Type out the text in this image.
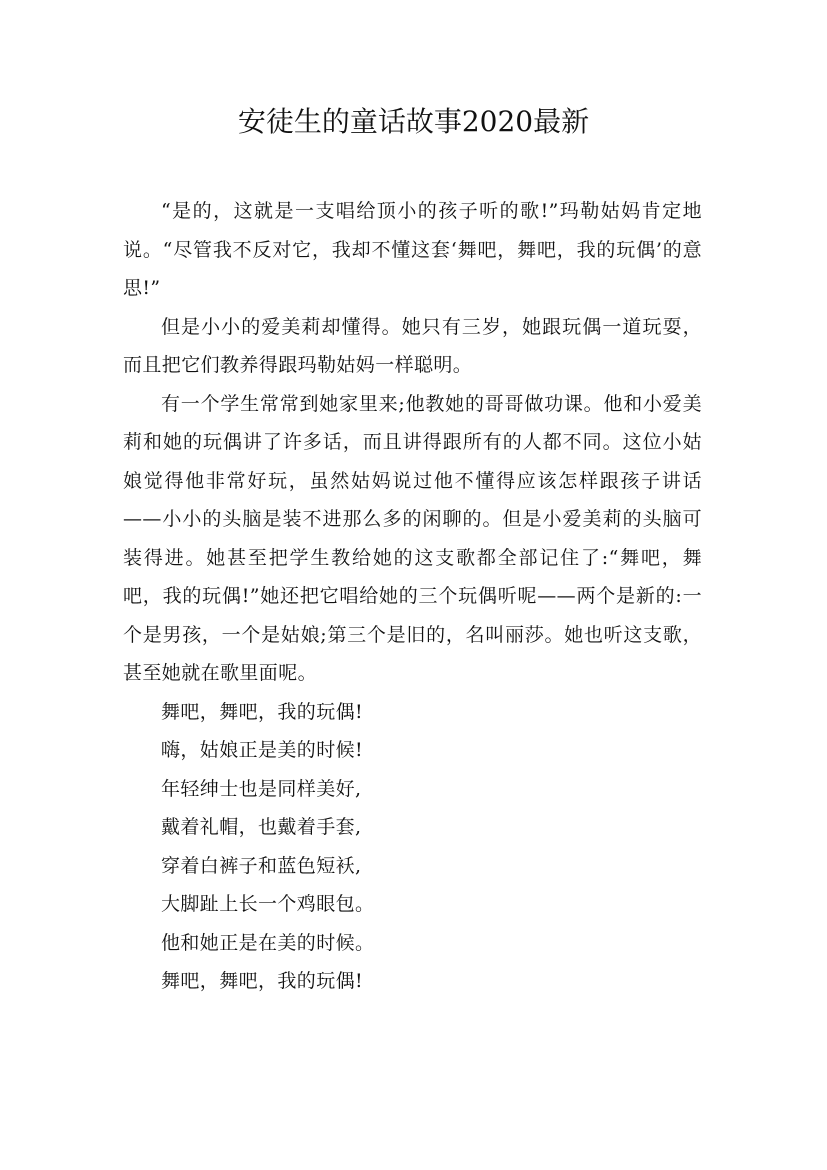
安徒生的童话故事2020最新

“是的，这就是一支唱给顶小的孩子听的歌!”玛勒姑妈肯定地说。“尽管我不反对它，我却不懂这套‘舞吧，舞吧，我的玩偶’的意思!”

但是小小的爱美莉却懂得。她只有三岁，她跟玩偶一道玩耍，而且把它们教养得跟玛勒姑妈一样聪明。

有一个学生常常到她家里来;他教她的哥哥做功课。他和小爱美莉和她的玩偶讲了许多话，而且讲得跟所有的人都不同。这位小姑娘觉得他非常好玩，虽然姑妈说过他不懂得应该怎样跟孩子讲话——小小的头脑是装不进那么多的闲聊的。但是小爱美莉的头脑可装得进。她甚至把学生教给她的这支歌都全部记住了:“舞吧，舞吧，我的玩偶!”她还把它唱给她的三个玩偶听呢——两个是新的:一个是男孩，一个是姑娘;第三个是旧的，名叫丽莎。她也听这支歌，甚至她就在歌里面呢。

舞吧，舞吧，我的玩偶!

嗨，姑娘正是美的时候!

年轻绅士也是同样美好,

戴着礼帽，也戴着手套,

穿着白裤子和蓝色短袄,

大脚趾上长一个鸡眼包。

他和她正是在美的时候。

舞吧，舞吧，我的玩偶!
